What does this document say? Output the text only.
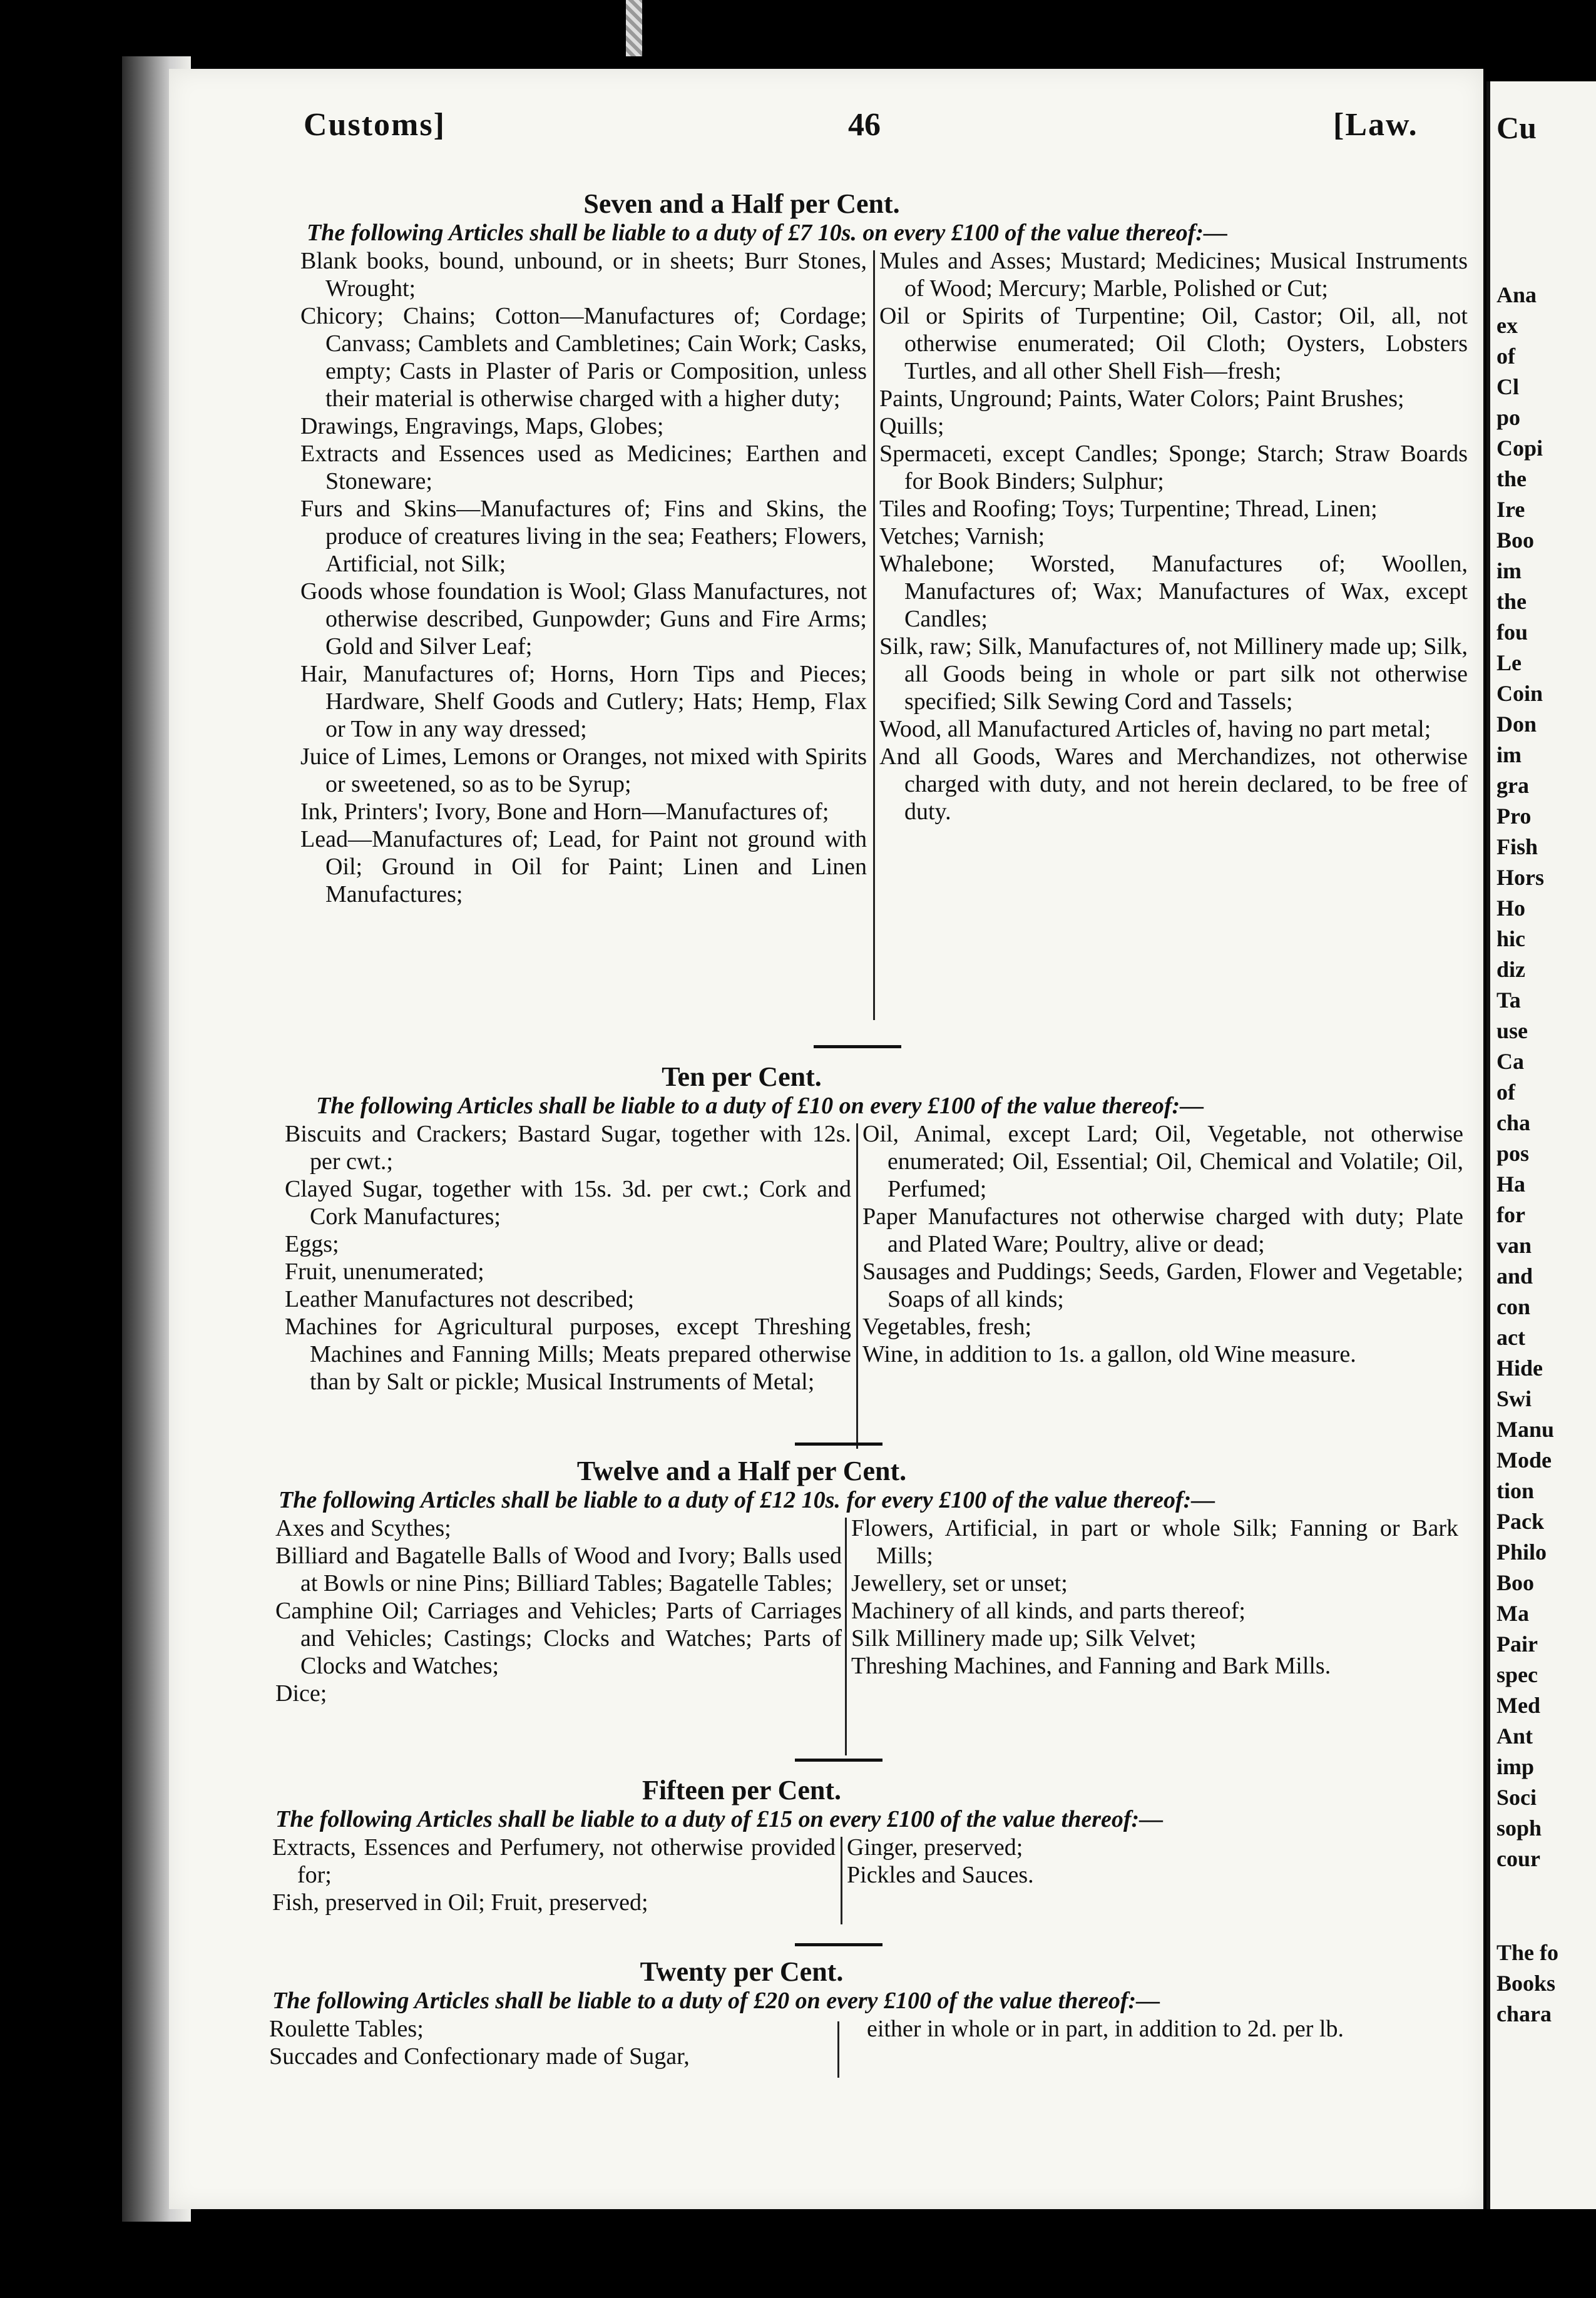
Cu
Ana
ex
of
Cl
po
Copi
the
Ire
Boo
im
the
fou
Le
Coin
Don
im
gra
Pro
Fish
Hors
Ho
hic
diz
Ta
use
Ca
of
cha
pos
Ha
for
van
and
con
act
Hide
Swi
Manu
Mode
tion
Pack
Philo
Boo
Ma
Pair
spec
Med
Ant
imp
Soci
soph
cour
The fo
Books
chara
Customs]	46	[Law.
Seven and a Half per Cent.
The following Articles shall be liable to a duty of £7 10s. on every £100 of the value thereof:—

Blank books, bound, unbound, or in sheets; Burr Stones, Wrought;

Chicory; Chains; Cotton—Manufactures of; Cordage; Canvass; Camblets and Cambletines; Cain Work; Casks, empty; Casts in Plaster of Paris or Composition, unless their material is otherwise charged with a higher duty;

Drawings, Engravings, Maps, Globes;

Extracts and Essences used as Medicines; Earthen and Stoneware;

Furs and Skins—Manufactures of; Fins and Skins, the produce of creatures living in the sea; Feathers; Flowers, Artificial, not Silk;

Goods whose foundation is Wool; Glass Manufactures, not otherwise described, Gunpowder; Guns and Fire Arms; Gold and Silver Leaf;

Hair, Manufactures of; Horns, Horn Tips and Pieces; Hardware, Shelf Goods and Cutlery; Hats; Hemp, Flax or Tow in any way dressed;

Juice of Limes, Lemons or Oranges, not mixed with Spirits or sweetened, so as to be Syrup;

Ink, Printers'; Ivory, Bone and Horn—Manufactures of;

Lead—Manufactures of; Lead, for Paint not ground with Oil; Ground in Oil for Paint; Linen and Linen Manufactures;

Mules and Asses; Mustard; Medicines; Musical Instruments of Wood; Mercury; Marble, Polished or Cut;

Oil or Spirits of Turpentine; Oil, Castor; Oil, all, not otherwise enumerated; Oil Cloth; Oysters, Lobsters Turtles, and all other Shell Fish—fresh;

Paints, Unground; Paints, Water Colors; Paint Brushes;

Quills;

Spermaceti, except Candles; Sponge; Starch; Straw Boards for Book Binders; Sulphur;

Tiles and Roofing; Toys; Turpentine; Thread, Linen;

Vetches; Varnish;

Whalebone; Worsted, Manufactures of; Woollen, Manufactures of; Wax; Manufactures of Wax, except Candles;

Silk, raw; Silk, Manufactures of, not Millinery made up; Silk, all Goods being in whole or part silk not otherwise specified; Silk Sewing Cord and Tassels;

Wood, all Manufactured Articles of, having no part metal;

And all Goods, Wares and Merchandizes, not otherwise charged with duty, and not herein declared, to be free of duty.

Ten per Cent.
The following Articles shall be liable to a duty of £10 on every £100 of the value thereof:—

Biscuits and Crackers; Bastard Sugar, together with 12s. per cwt.;

Clayed Sugar, together with 15s. 3d. per cwt.; Cork and Cork Manufactures;

Eggs;

Fruit, unenumerated;

Leather Manufactures not described;

Machines for Agricultural purposes, except Threshing Machines and Fanning Mills; Meats prepared otherwise than by Salt or pickle; Musical Instruments of Metal;

Oil, Animal, except Lard; Oil, Vegetable, not otherwise enumerated; Oil, Essential; Oil, Chemical and Volatile; Oil, Perfumed;

Paper Manufactures not otherwise charged with duty; Plate and Plated Ware; Poultry, alive or dead;

Sausages and Puddings; Seeds, Garden, Flower and Vegetable; Soaps of all kinds;

Vegetables, fresh;

Wine, in addition to 1s. a gallon, old Wine measure.

Twelve and a Half per Cent.
The following Articles shall be liable to a duty of £12 10s. for every £100 of the value thereof:—

Axes and Scythes;

Billiard and Bagatelle Balls of Wood and Ivory; Balls used at Bowls or nine Pins; Billiard Tables; Bagatelle Tables;

Camphine Oil; Carriages and Vehicles; Parts of Carriages and Vehicles; Castings; Clocks and Watches; Parts of Clocks and Watches;

Dice;

Flowers, Artificial, in part or whole Silk; Fanning or Bark Mills;

Jewellery, set or unset;

Machinery of all kinds, and parts thereof;

Silk Millinery made up; Silk Velvet;

Threshing Machines, and Fanning and Bark Mills.

Fifteen per Cent.
The following Articles shall be liable to a duty of £15 on every £100 of the value thereof:—

Extracts, Essences and Perfumery, not otherwise provided for;

Fish, preserved in Oil; Fruit, preserved;

Ginger, preserved;

Pickles and Sauces.

Twenty per Cent.
The following Articles shall be liable to a duty of £20 on every £100 of the value thereof:—

Roulette Tables;

Succades and Confectionary made of Sugar,

either in whole or in part, in addition to 2d. per lb.
